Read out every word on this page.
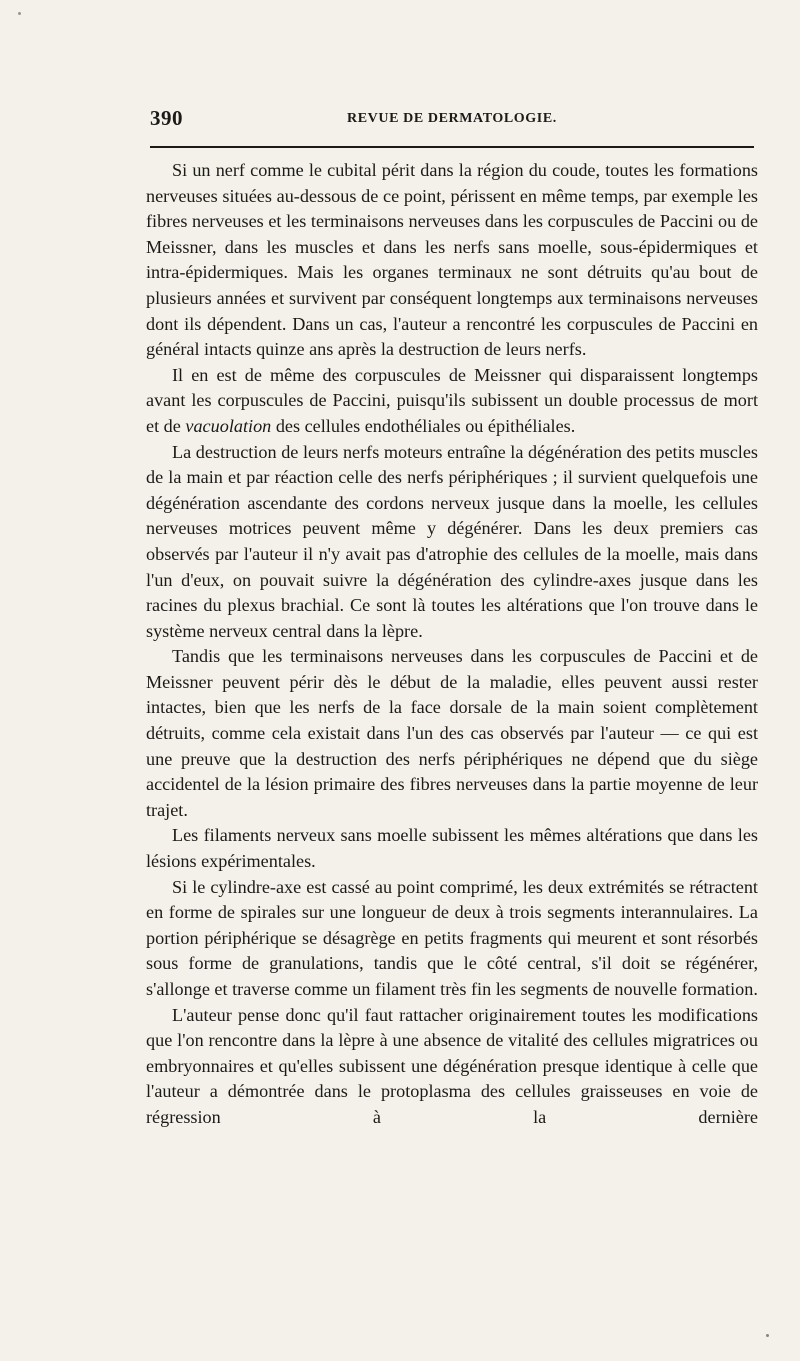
390	REVUE DE DERMATOLOGIE.

Si un nerf comme le cubital périt dans la région du coude, toutes les formations nerveuses situées au-dessous de ce point, périssent en même temps, par exemple les fibres nerveuses et les terminaisons nerveuses dans les corpuscules de Paccini ou de Meissner, dans les muscles et dans les nerfs sans moelle, sous-épidermiques et intra-épidermiques. Mais les organes terminaux ne sont détruits qu'au bout de plusieurs années et survivent par conséquent longtemps aux terminaisons nerveuses dont ils dépendent. Dans un cas, l'auteur a rencontré les corpuscules de Paccini en général intacts quinze ans après la destruction de leurs nerfs.

Il en est de même des corpuscules de Meissner qui disparaissent longtemps avant les corpuscules de Paccini, puisqu'ils subissent un double processus de mort et de vacuolation des cellules endothéliales ou épithéliales.

La destruction de leurs nerfs moteurs entraîne la dégénération des petits muscles de la main et par réaction celle des nerfs périphériques ; il survient quelquefois une dégénération ascendante des cordons nerveux jusque dans la moelle, les cellules nerveuses motrices peuvent même y dégénérer. Dans les deux premiers cas observés par l'auteur il n'y avait pas d'atrophie des cellules de la moelle, mais dans l'un d'eux, on pouvait suivre la dégénération des cylindre-axes jusque dans les racines du plexus brachial. Ce sont là toutes les altérations que l'on trouve dans le système nerveux central dans la lèpre.

Tandis que les terminaisons nerveuses dans les corpuscules de Paccini et de Meissner peuvent périr dès le début de la maladie, elles peuvent aussi rester intactes, bien que les nerfs de la face dorsale de la main soient complètement détruits, comme cela existait dans l'un des cas observés par l'auteur — ce qui est une preuve que la destruction des nerfs périphériques ne dépend que du siège accidentel de la lésion primaire des fibres nerveuses dans la partie moyenne de leur trajet.

Les filaments nerveux sans moelle subissent les mêmes altérations que dans les lésions expérimentales.

Si le cylindre-axe est cassé au point comprimé, les deux extrémités se rétractent en forme de spirales sur une longueur de deux à trois segments interannulaires. La portion périphérique se désagrège en petits fragments qui meurent et sont résorbés sous forme de granulations, tandis que le côté central, s'il doit se régénérer, s'allonge et traverse comme un filament très fin les segments de nouvelle formation.

L'auteur pense donc qu'il faut rattacher originairement toutes les modifications que l'on rencontre dans la lèpre à une absence de vitalité des cellules migratrices ou embryonnaires et qu'elles subissent une dégénération presque identique à celle que l'auteur a démontrée dans le protoplasma des cellules graisseuses en voie de régression à la dernière
